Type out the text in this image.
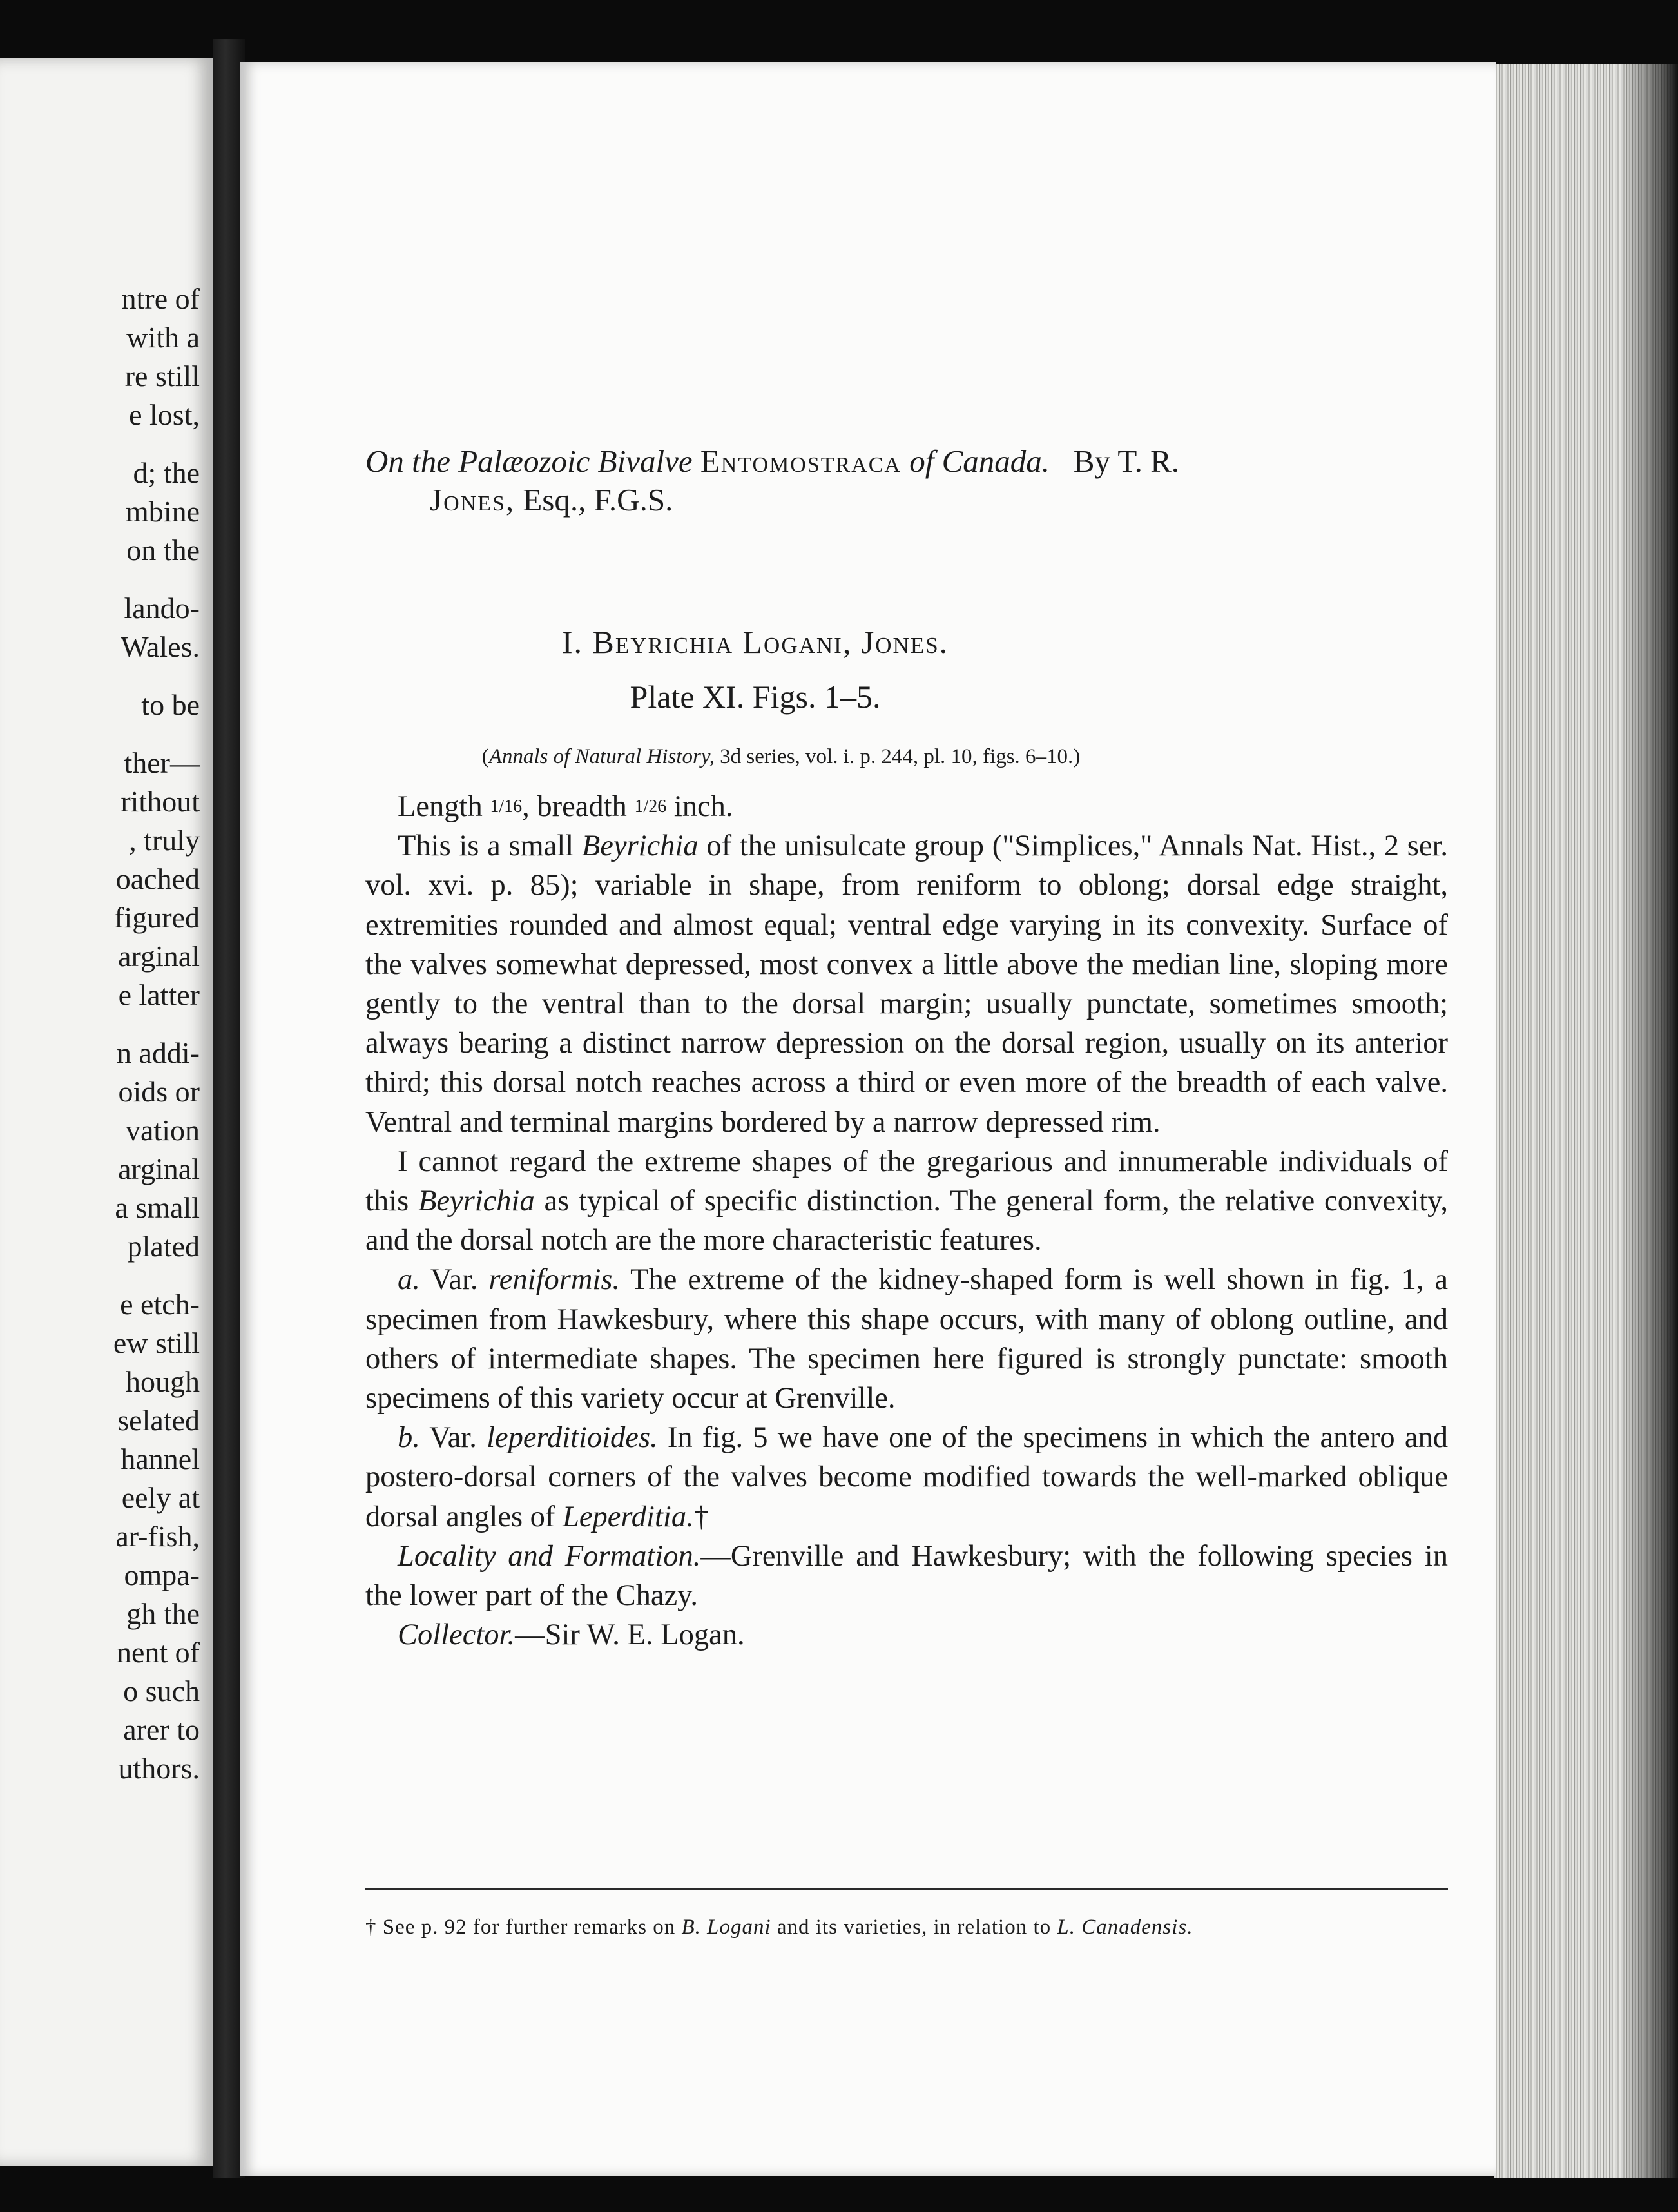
ntre of
with a
re still
e lost,
d; the
mbine
on the
lando-
Wales.
to be
ther—
rithout
, truly
oached
figured
arginal
e latter
n addi-
oids or
vation
arginal
a small
plated
e etch-
ew still
hough
selated
hannel
eely at
ar-fish,
ompa-
gh the
nent of
o such
arer to
uthors.
On the Palæozoic Bivalve Entomostraca of Canada. By T. R.
Jones, Esq., F.G.S.
I. Beyrichia Logani, Jones.
Plate XI. Figs. 1–5.
(Annals of Natural History, 3d series, vol. i. p. 244, pl. 10, figs. 6–10.)

Length 1/16, breadth 1/26 inch.

This is a small Beyrichia of the unisulcate group ("Simplices," Annals Nat. Hist., 2 ser. vol. xvi. p. 85); variable in shape, from reniform to oblong; dorsal edge straight, extremities rounded and almost equal; ventral edge varying in its convexity. Surface of the valves somewhat depressed, most convex a little above the median line, sloping more gently to the ventral than to the dorsal margin; usually punctate, sometimes smooth; always bearing a distinct narrow depression on the dorsal region, usually on its anterior third; this dorsal notch reaches across a third or even more of the breadth of each valve. Ventral and terminal margins bordered by a narrow depressed rim.

I cannot regard the extreme shapes of the gregarious and innumerable individuals of this Beyrichia as typical of specific distinction. The general form, the relative convexity, and the dorsal notch are the more characteristic features.

a. Var. reniformis. The extreme of the kidney-shaped form is well shown in fig. 1, a specimen from Hawkesbury, where this shape occurs, with many of oblong outline, and others of intermediate shapes. The specimen here figured is strongly punctate: smooth specimens of this variety occur at Grenville.

b. Var. leperditioides. In fig. 5 we have one of the specimens in which the antero and postero-dorsal corners of the valves become modified towards the well-marked oblique dorsal angles of Leperditia.†

Locality and Formation.—Grenville and Hawkesbury; with the following species in the lower part of the Chazy.

Collector.—Sir W. E. Logan.

† See p. 92 for further remarks on B. Logani and its varieties, in relation to L. Canadensis.
